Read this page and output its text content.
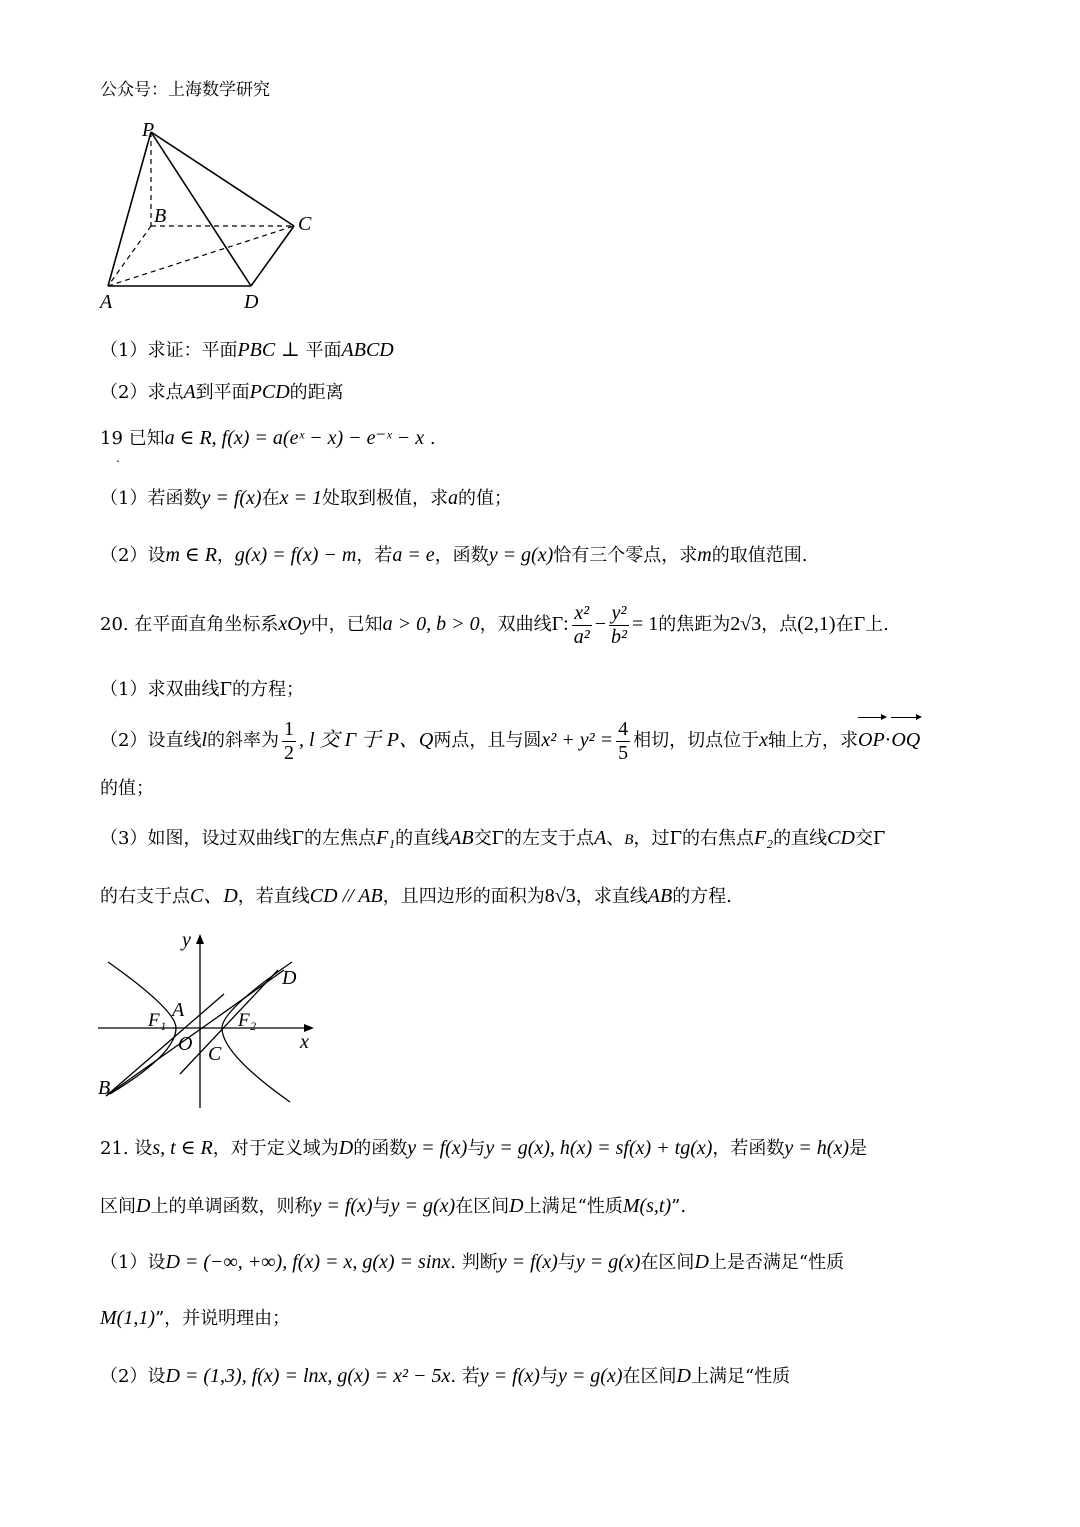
公众号：上海数学研究
P
B	C
A	D
（1）求证：平面PBC ⊥ 平面ABCD
（2）求点A到平面PCD的距离
19 已知a ∈ R, f(x) = a(eˣ − x) − e⁻ˣ − x .
.
（1）若函数y = f(x)在x = 1处取到极值，求a的值；
（2）设m ∈ R，g(x) = f(x) − m，若a = e，函数y = g(x)恰有三个零点，求m的取值范围.
20. 在平面直角坐标系xOy中，已知a > 0, b > 0，双曲线Γ: $\frac{\text{x²}}{\text{a²}} - \frac{\text{y²}}{\text{b²}} = 1$的焦距为2√3，点(2,1)在Γ上.
（1）求双曲线Γ的方程；
（2）设直线l的斜率为 $\frac{1}{2}$ , l 交 Γ 于 P、Q两点，且与圆$x^2 + y^2 = \frac{4}{5}$ 相切，切点位于x轴上方，求OP·OQ
的值；
（3）如图，设过双曲线Γ的左焦点F₁的直线AB交Γ的左支于点A、B，过Γ的右焦点F₂的直线CD交Γ
的右支于点C、D，若直线CD // AB，且四边形的面积为8√3，求直线AB的方程.
y
x
D
A
F₁	F₂
O C
B
21. 设s, t ∈ R，对于定义域为D的函数y = f(x)与y = g(x), h(x) = sf(x) + tg(x)，若函数y = h(x)是
区间D上的单调函数，则称y = f(x)与y = g(x)在区间D上满足“性质M(s,t)”.
（1）设D = (−∞, +∞), f(x) = x, g(x) = sinx. 判断y = f(x)与y = g(x)在区间D上是否满足“性质
M(1,1)”，并说明理由；
（2）设D = (1,3), f(x) = lnx, g(x) = x² − 5x. 若y = f(x)与y = g(x)在区间D上满足“性质
